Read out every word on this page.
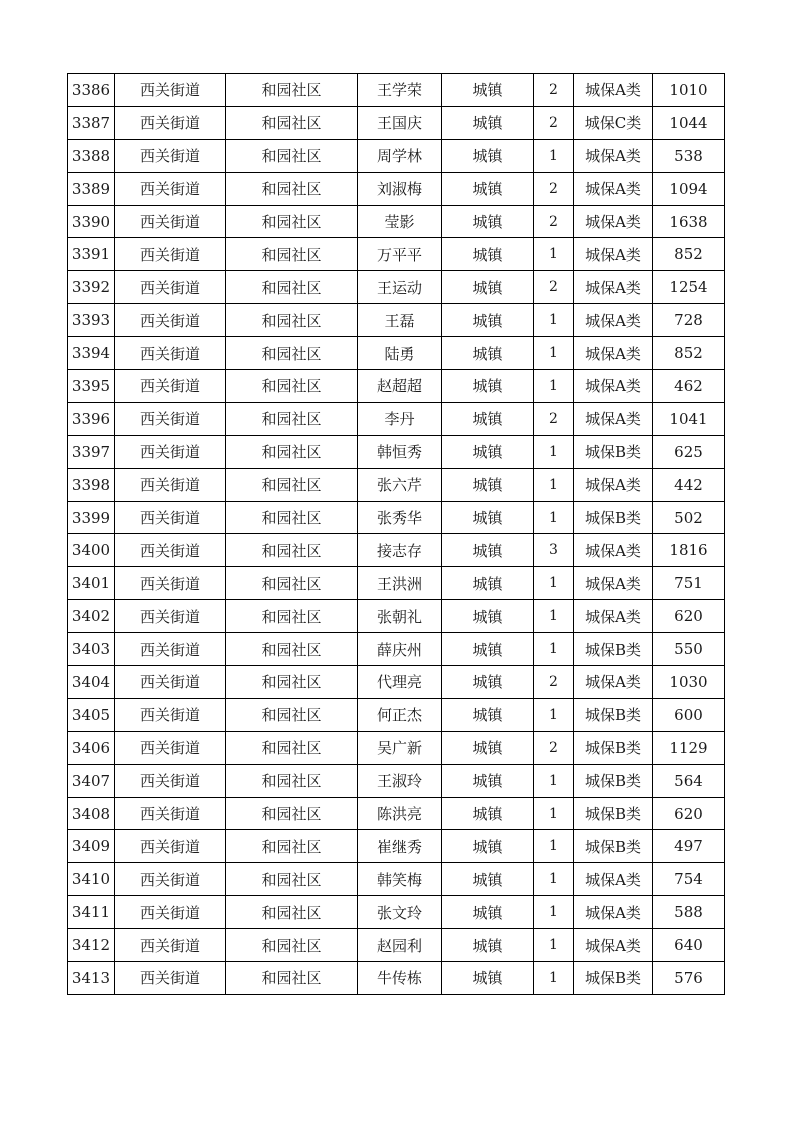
3386	西关街道	和园社区	王学荣	城镇	2	城保A类	1010
3387	西关街道	和园社区	王国庆	城镇	2	城保C类	1044
3388	西关街道	和园社区	周学林	城镇	1	城保A类	538
3389	西关街道	和园社区	刘淑梅	城镇	2	城保A类	1094
3390	西关街道	和园社区	莹影	城镇	2	城保A类	1638
3391	西关街道	和园社区	万平平	城镇	1	城保A类	852
3392	西关街道	和园社区	王运动	城镇	2	城保A类	1254
3393	西关街道	和园社区	王磊	城镇	1	城保A类	728
3394	西关街道	和园社区	陆勇	城镇	1	城保A类	852
3395	西关街道	和园社区	赵超超	城镇	1	城保A类	462
3396	西关街道	和园社区	李丹	城镇	2	城保A类	1041
3397	西关街道	和园社区	韩恒秀	城镇	1	城保B类	625
3398	西关街道	和园社区	张六芹	城镇	1	城保A类	442
3399	西关街道	和园社区	张秀华	城镇	1	城保B类	502
3400	西关街道	和园社区	接志存	城镇	3	城保A类	1816
3401	西关街道	和园社区	王洪洲	城镇	1	城保A类	751
3402	西关街道	和园社区	张朝礼	城镇	1	城保A类	620
3403	西关街道	和园社区	薛庆州	城镇	1	城保B类	550
3404	西关街道	和园社区	代理亮	城镇	2	城保A类	1030
3405	西关街道	和园社区	何正杰	城镇	1	城保B类	600
3406	西关街道	和园社区	吴广新	城镇	2	城保B类	1129
3407	西关街道	和园社区	王淑玲	城镇	1	城保B类	564
3408	西关街道	和园社区	陈洪亮	城镇	1	城保B类	620
3409	西关街道	和园社区	崔继秀	城镇	1	城保B类	497
3410	西关街道	和园社区	韩笑梅	城镇	1	城保A类	754
3411	西关街道	和园社区	张文玲	城镇	1	城保A类	588
3412	西关街道	和园社区	赵园利	城镇	1	城保A类	640
3413	西关街道	和园社区	牛传栋	城镇	1	城保B类	576
